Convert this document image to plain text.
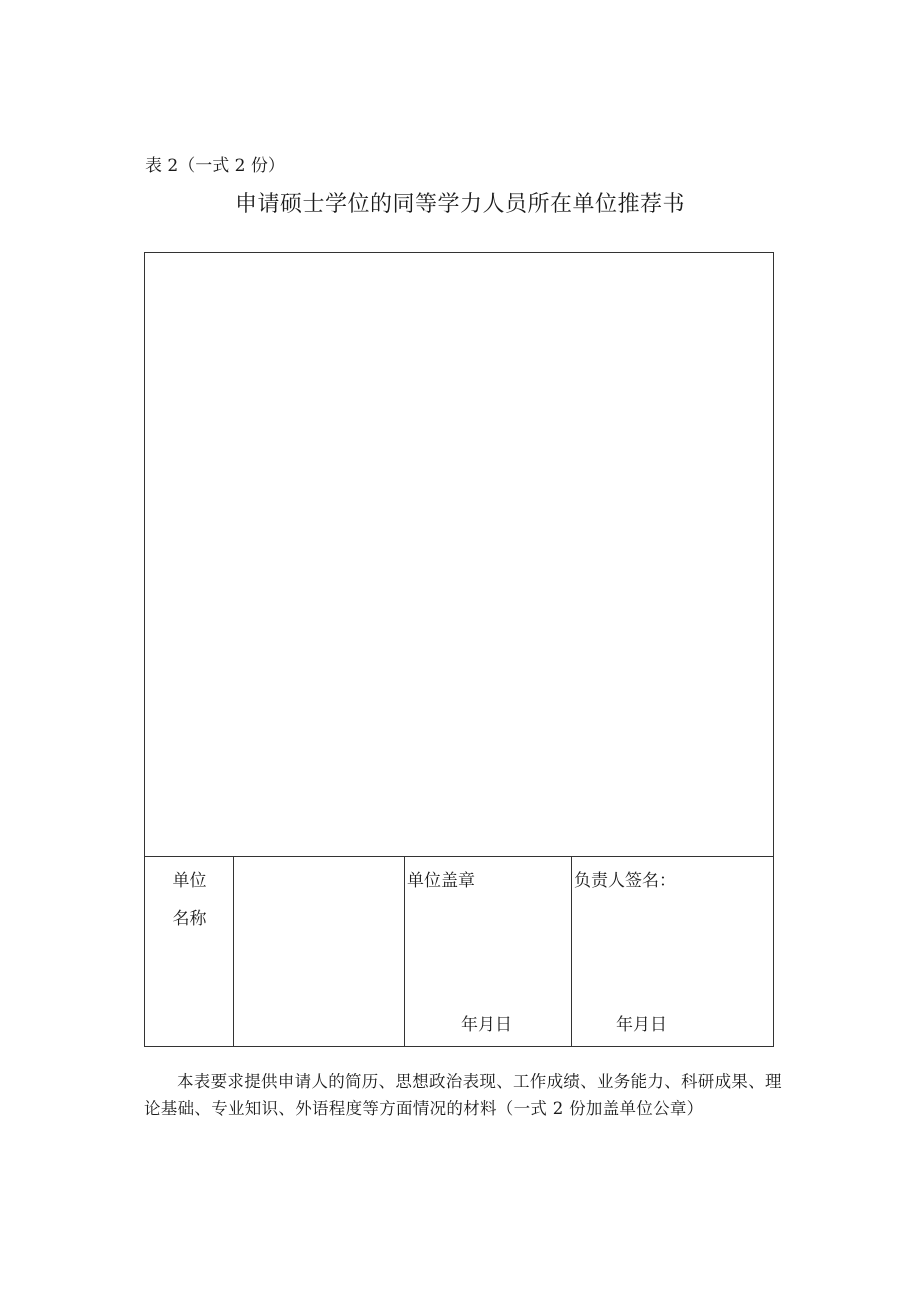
表 2（一式 2 份）
申请硕士学位的同等学力人员所在单位推荐书
单位
名称
单位盖章
年月日
负责人签名：
年月日
本表要求提供申请人的简历、思想政治表现、工作成绩、业务能力、科研成果、理论基础、专业知识、外语程度等方面情况的材料（一式 2 份加盖单位公章）
